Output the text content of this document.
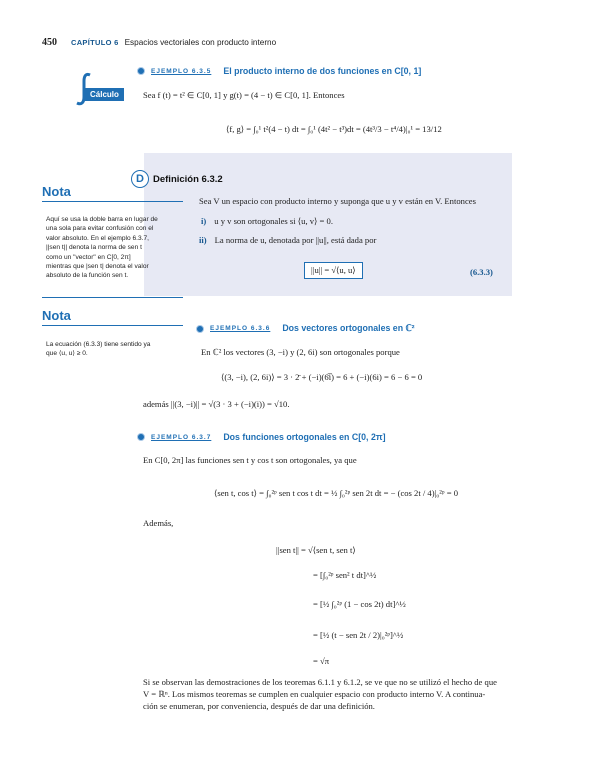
450 CAPÍTULO 6 Espacios vectoriales con producto interno
Cálculo
EJEMPLO 6.3.5 El producto interno de dos funciones en C[0, 1]
Sea f (t) = t² ∈ C[0, 1] y g(t) = (4 − t) ∈ C[0, 1]. Entonces
⟨f, g⟩ = ∫₀¹ t²(4 − t) dt = ∫₀¹ (4t² − t³)dt = (4t³/3 − t⁴/4)|₀¹ = 13/12
D Definición 6.3.2
Sea V un espacio con producto interno y suponga que u y v están en V. Entonces
i) u y v son ortogonales si ⟨u, v⟩ = 0.
ii) La norma de u, denotada por ||u||, está dada por
||u|| = √⟨u, u⟩	(6.3.3)
Nota
Aquí se usa la doble barra en lugar de
una sola para evitar confusión con el
valor absoluto. En el ejemplo 6.3.7,
||sen t|| denota la norma de sen t
como un "vector" en C[0, 2π]
mientras que |sen t| denota el valor
absoluto de la función sen t.
Nota
La ecuación (6.3.3) tiene sentido ya
que ⟨u, u⟩ ≥ 0.
EJEMPLO 6.3.6 Dos vectores ortogonales en ℂ²
En ℂ² los vectores (3, −i) y (2, 6i) son ortogonales porque
⟨(3, −i), (2, 6i)⟩ = 3 · 2̄ + (−i)(6̄i̅) = 6 + (−i)(6i) = 6 − 6 = 0
además ||(3, −i)|| = √(3 · 3 + (−i)(i)) = √10.
EJEMPLO 6.3.7 Dos funciones ortogonales en C[0, 2π]
En C[0, 2π] las funciones sen t y cos t son ortogonales, ya que
⟨sen t, cos t⟩ = ∫₀²ᵖ sen t cos t dt = ½ ∫₀²ᵖ sen 2t dt = − (cos 2t / 4)|₀²ᵖ = 0
Además,
||sen t|| = √⟨sen t, sen t⟩
= [∫₀²ᵖ sen² t dt]^½
= [½ ∫₀²ᵖ (1 − cos 2t) dt]^½
= [½ (t − sen 2t / 2)|₀²ᵖ]^½
= √π
Si se observan las demostraciones de los teoremas 6.1.1 y 6.1.2, se ve que no se utilizó el hecho de que
V = ℝⁿ. Los mismos teoremas se cumplen en cualquier espacio con producto interno V. A continua-
ción se enumeran, por conveniencia, después de dar una definición.
